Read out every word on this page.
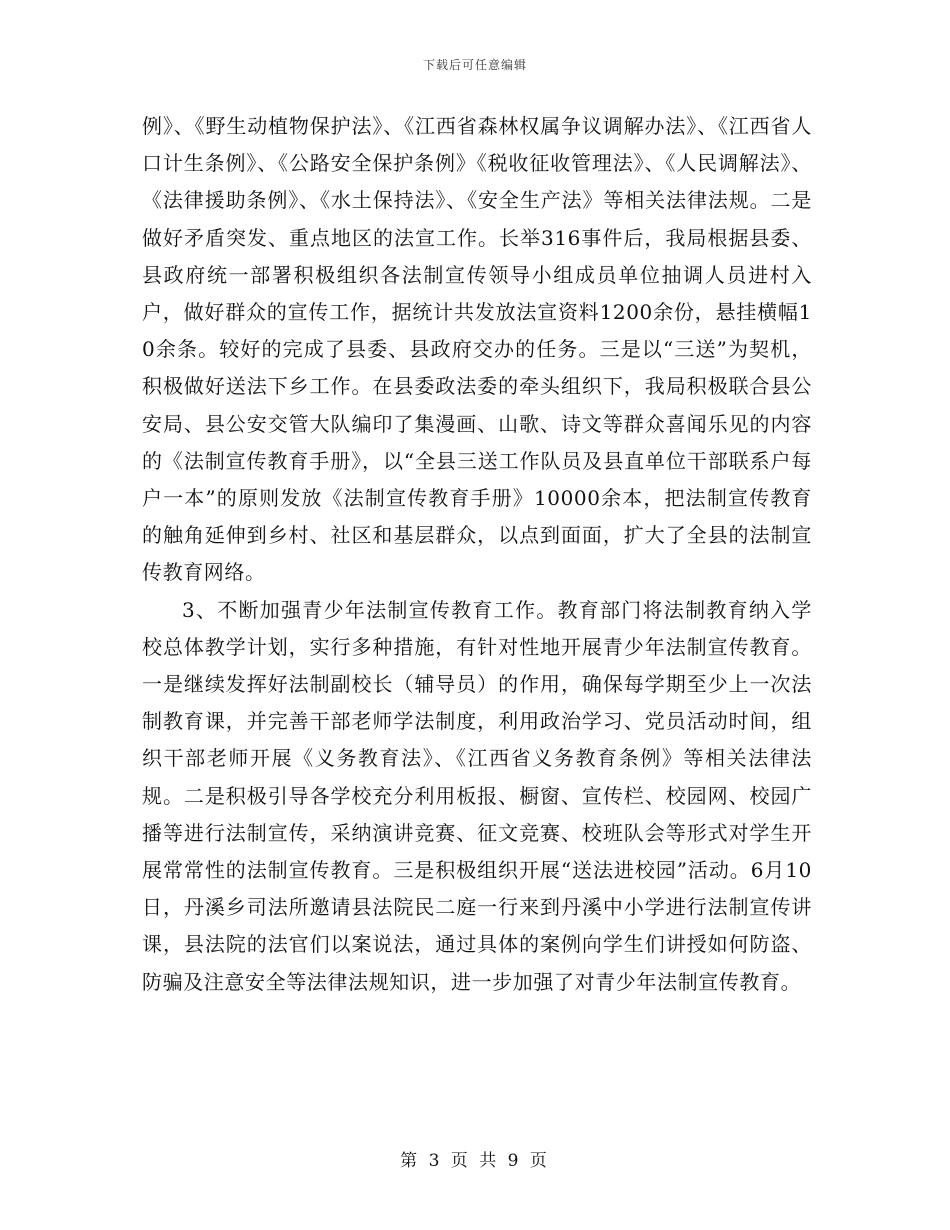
下载后可任意编辑

例》、《野生动植物保护法》、《江西省森林权属争议调解办法》、《江西省人口计生条例》、《公路安全保护条例》《税收征收管理法》、《人民调解法》、《法律援助条例》、《水土保持法》、《安全生产法》等相关法律法规。二是做好矛盾突发、重点地区的法宣工作。长举316事件后，我局根据县委、县政府统一部署积极组织各法制宣传领导小组成员单位抽调人员进村入户，做好群众的宣传工作，据统计共发放法宣资料1200余份，悬挂横幅10余条。较好的完成了县委、县政府交办的任务。三是以“三送”为契机，积极做好送法下乡工作。在县委政法委的牵头组织下，我局积极联合县公安局、县公安交管大队编印了集漫画、山歌、诗文等群众喜闻乐见的内容的《法制宣传教育手册》，以“全县三送工作队员及县直单位干部联系户每户一本”的原则发放《法制宣传教育手册》10000余本，把法制宣传教育的触角延伸到乡村、社区和基层群众，以点到面面，扩大了全县的法制宣传教育网络。

3、不断加强青少年法制宣传教育工作。教育部门将法制教育纳入学校总体教学计划，实行多种措施，有针对性地开展青少年法制宣传教育。一是继续发挥好法制副校长（辅导员）的作用，确保每学期至少上一次法制教育课，并完善干部老师学法制度，利用政治学习、党员活动时间，组织干部老师开展《义务教育法》、《江西省义务教育条例》等相关法律法规。二是积极引导各学校充分利用板报、橱窗、宣传栏、校园网、校园广播等进行法制宣传，采纳演讲竞赛、征文竞赛、校班队会等形式对学生开展常常性的法制宣传教育。三是积极组织开展“送法进校园”活动。6月10日，丹溪乡司法所邀请县法院民二庭一行来到丹溪中小学进行法制宣传讲课，县法院的法官们以案说法，通过具体的案例向学生们讲授如何防盗、防骗及注意安全等法律法规知识，进一步加强了对青少年法制宣传教育。

第 3 页 共 9 页
